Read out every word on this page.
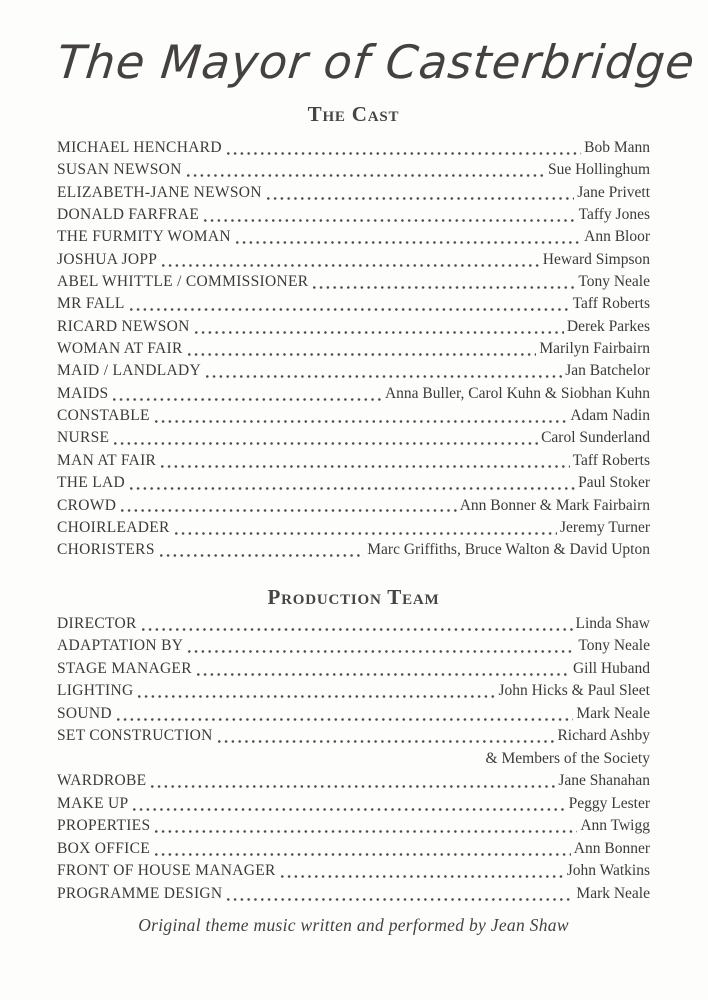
The Mayor of Casterbridge
The Cast
MICHAEL HENCHARD	Bob Mann
SUSAN NEWSON	Sue Hollinghum
ELIZABETH-JANE NEWSON	Jane Privett
DONALD FARFRAE	Taffy Jones
THE FURMITY WOMAN	Ann Bloor
JOSHUA JOPP	Heward Simpson
ABEL WHITTLE / COMMISSIONER	Tony Neale
MR FALL	Taff Roberts
RICARD NEWSON	Derek Parkes
WOMAN AT FAIR	Marilyn Fairbairn
MAID / LANDLADY	Jan Batchelor
MAIDS	Anna Buller, Carol Kuhn & Siobhan Kuhn
CONSTABLE	Adam Nadin
NURSE	Carol Sunderland
MAN AT FAIR	Taff Roberts
THE LAD	Paul Stoker
CROWD	Ann Bonner & Mark Fairbairn
CHOIRLEADER	Jeremy Turner
CHORISTERS	Marc Griffiths, Bruce Walton & David Upton
Production Team
DIRECTOR	Linda Shaw
ADAPTATION BY	Tony Neale
STAGE MANAGER	Gill Huband
LIGHTING	John Hicks & Paul Sleet
SOUND	Mark Neale
SET CONSTRUCTION	Richard Ashby
& Members of the Society
WARDROBE	Jane Shanahan
MAKE UP	Peggy Lester
PROPERTIES	Ann Twigg
BOX OFFICE	Ann Bonner
FRONT OF HOUSE MANAGER	John Watkins
PROGRAMME DESIGN	Mark Neale

Original theme music written and performed by Jean Shaw
